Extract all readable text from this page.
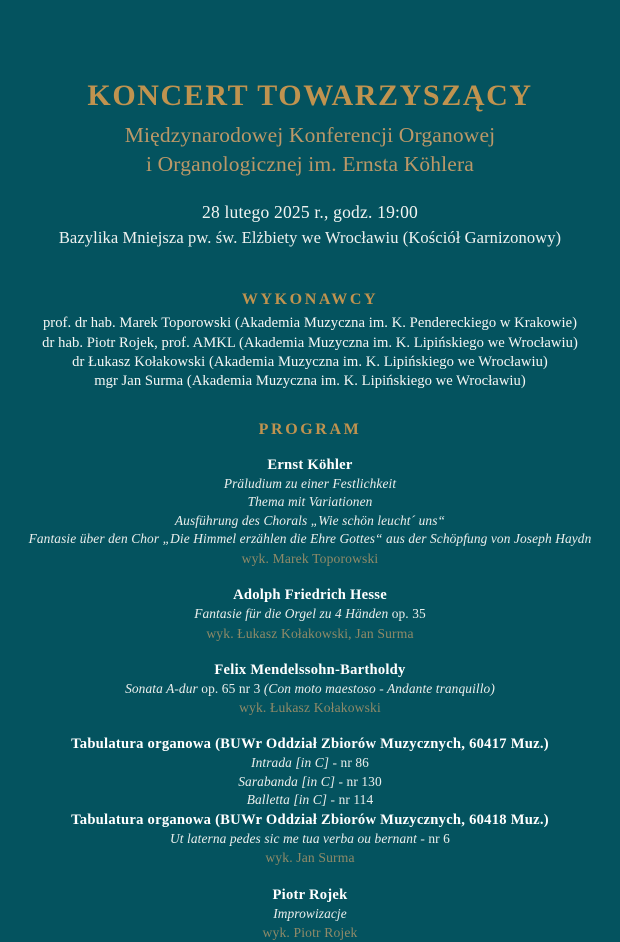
KONCERT TOWARZYSZĄCY

Międzynarodowej Konferencji Organowej

i Organologicznej im. Ernsta Köhlera

28 lutego 2025 r., godz. 19:00

Bazylika Mniejsza pw. św. Elżbiety we Wrocławiu (Kościół Garnizonowy)

WYKONAWCY

prof. dr hab. Marek Toporowski (Akademia Muzyczna im. K. Pendereckiego w Krakowie)

dr hab. Piotr Rojek, prof. AMKL (Akademia Muzyczna im. K. Lipińskiego we Wrocławiu)

dr Łukasz Kołakowski (Akademia Muzyczna im. K. Lipińskiego we Wrocławiu)

mgr Jan Surma (Akademia Muzyczna im. K. Lipińskiego we Wrocławiu)

PROGRAM

Ernst Köhler

Präludium zu einer Festlichkeit

Thema mit Variationen

Ausführung des Chorals „Wie schön leucht´ uns“

Fantasie über den Chor „Die Himmel erzählen die Ehre Gottes“ aus der Schöpfung von Joseph Haydn

wyk. Marek Toporowski

Adolph Friedrich Hesse

Fantasie für die Orgel zu 4 Händen op. 35

wyk. Łukasz Kołakowski, Jan Surma

Felix Mendelssohn-Bartholdy

Sonata A-dur op. 65 nr 3 (Con moto maestoso - Andante tranquillo)

wyk. Łukasz Kołakowski

Tabulatura organowa (BUWr Oddział Zbiorów Muzycznych, 60417 Muz.)

Intrada [in C] - nr 86

Sarabanda [in C] - nr 130

Balletta [in C] - nr 114

Tabulatura organowa (BUWr Oddział Zbiorów Muzycznych, 60418 Muz.)

Ut laterna pedes sic me tua verba ou bernant - nr 6

wyk. Jan Surma

Piotr Rojek

Improwizacje

wyk. Piotr Rojek
